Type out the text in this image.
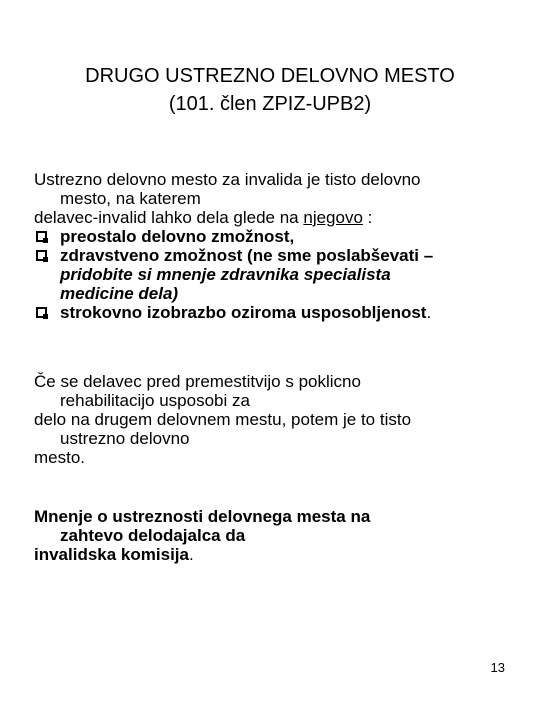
DRUGO USTREZNO DELOVNO MESTO
(101. člen ZPIZ-UPB2)
Ustrezno delovno mesto za invalida je tisto delovno
mesto, na katerem
delavec-invalid lahko dela glede na njegovo :
preostalo delovno zmožnost,
zdravstveno zmožnost (ne sme poslabševati –
pridobite si mnenje zdravnika specialista
medicine dela)
strokovno izobrazbo oziroma usposobljenost.
Če se delavec pred premestitvijo s poklicno
rehabilitacijo usposobi za
delo na drugem delovnem mestu, potem je to tisto
ustrezno delovno
mesto.
Mnenje o ustreznosti delovnega mesta na
zahtevo delodajalca da
invalidska komisija.
13
